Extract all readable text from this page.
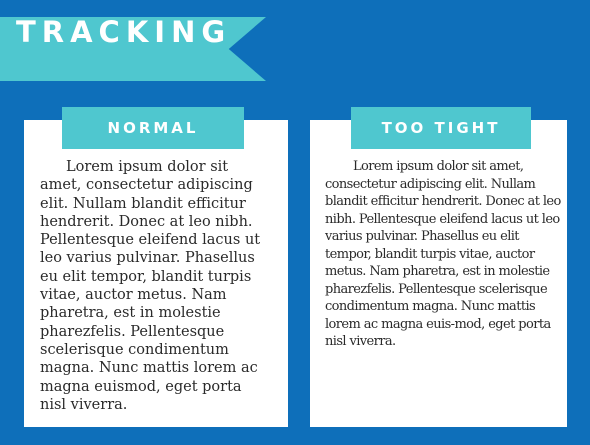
TRACKING
NORMAL	TOO TIGHT

Lorem ipsum dolor sit amet, consectetur adipiscing elit. Nullam blandit efficitur hendrerit. Donec at leo nibh. Pellentesque eleifend lacus ut leo varius pulvinar. Phasellus eu elit tempor, blandit turpis vitae, auctor metus. Nam pharetra, est in molestie pharezfelis. Pellentesque scelerisque condimentum magna. Nunc mattis lorem ac magna euismod, eget porta nisl viverra.

Lorem ipsum dolor sit amet, consectetur adipiscing elit. Nullam blandit efficitur hendrerit. Donec at leo nibh. Pellentesque eleifend lacus ut leo varius pulvinar. Phasellus eu elit tempor, blandit turpis vitae, auctor metus. Nam pharetra, est in molestie pharezfelis. Pellentesque scelerisque condimentum magna. Nunc mattis lorem ac magna euis-mod, eget porta nisl viverra.
